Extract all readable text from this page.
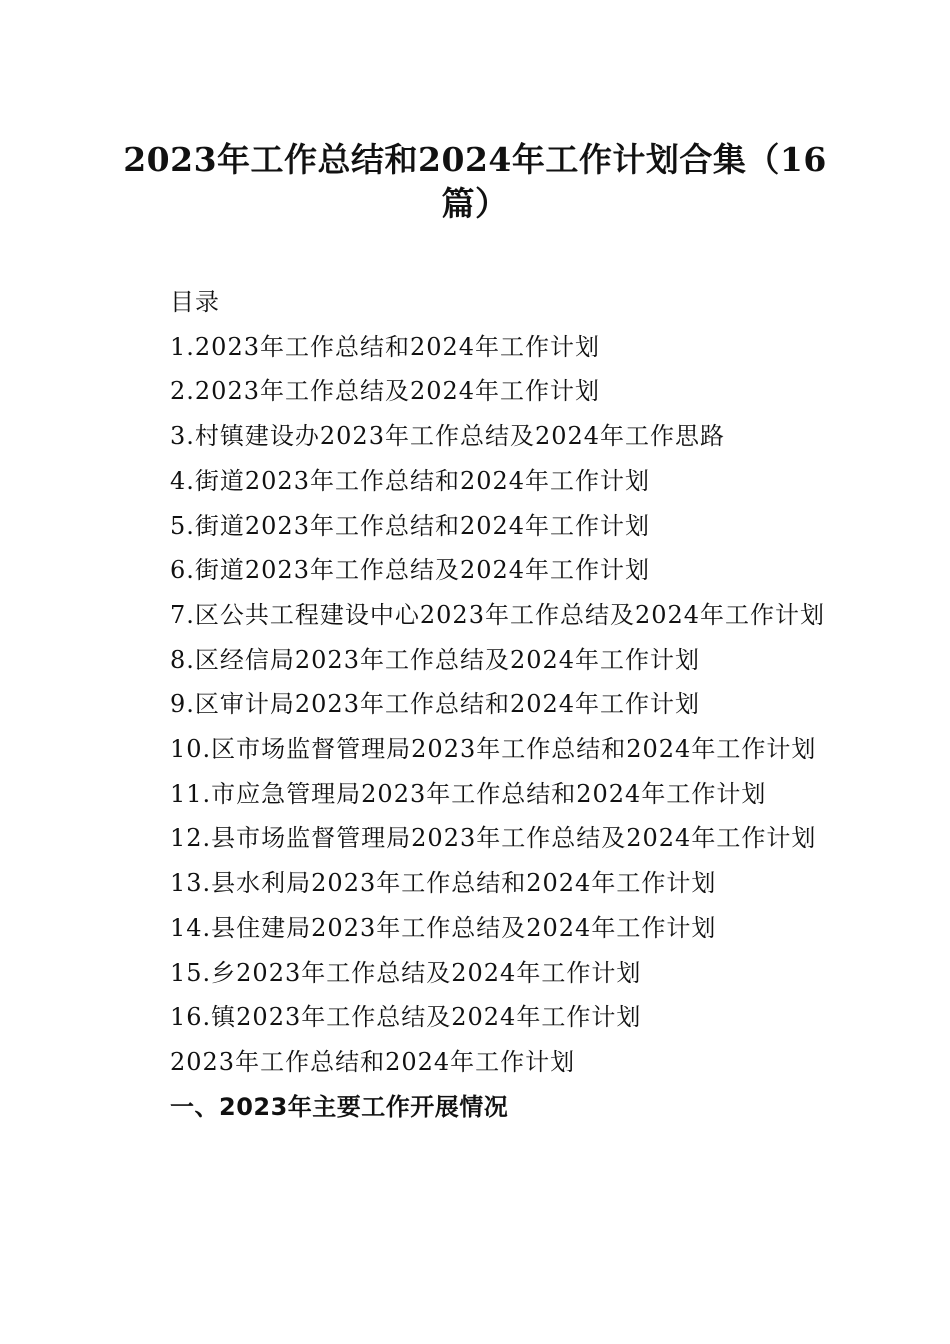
2023年工作总结和2024年工作计划合集（16篇）

目录

1.2023年工作总结和2024年工作计划

2.2023年工作总结及2024年工作计划

3.村镇建设办2023年工作总结及2024年工作思路

4.街道2023年工作总结和2024年工作计划

5.街道2023年工作总结和2024年工作计划

6.街道2023年工作总结及2024年工作计划

7.区公共工程建设中心2023年工作总结及2024年工作计划

8.区经信局2023年工作总结及2024年工作计划

9.区审计局2023年工作总结和2024年工作计划

10.区市场监督管理局2023年工作总结和2024年工作计划

11.市应急管理局2023年工作总结和2024年工作计划

12.县市场监督管理局2023年工作总结及2024年工作计划

13.县水利局2023年工作总结和2024年工作计划

14.县住建局2023年工作总结及2024年工作计划

15.乡2023年工作总结及2024年工作计划

16.镇2023年工作总结及2024年工作计划

2023年工作总结和2024年工作计划

一、2023年主要工作开展情况
